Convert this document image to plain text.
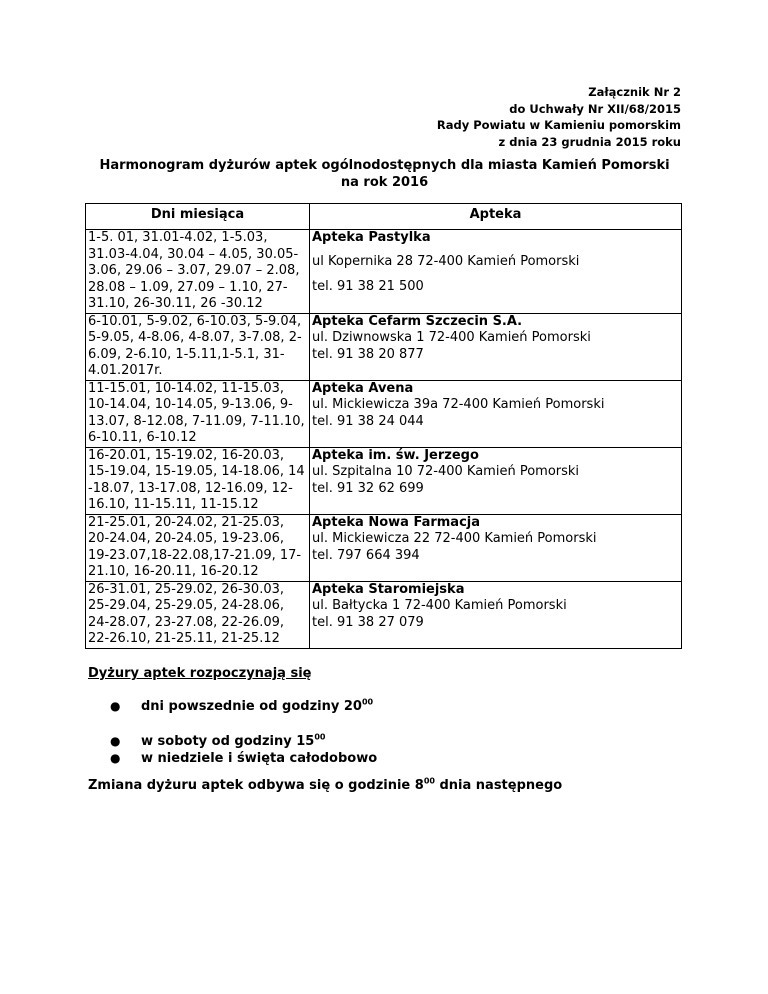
Załącznik Nr 2
do Uchwały Nr XII/68/2015
Rady Powiatu w Kamieniu pomorskim
z dnia 23 grudnia 2015 roku
Harmonogram dyżurów aptek ogólnodostępnych dla miasta Kamień Pomorski
na rok 2016
Dni miesiąca	Apteka

1-5. 01, 31.01-4.02, 1-5.03, 31.03-4.04, 30.04 – 4.05, 30.05-3.06, 29.06 – 3.07, 29.07 – 2.08, 28.08 – 1.09, 27.09 – 1.10, 27-31.10, 26-30.11, 26 -30.12	Apteka Pastylka
ul Kopernika 28 72-400 Kamień Pomorski
tel. 91 38 21 500

6-10.01, 5-9.02, 6-10.03, 5-9.04, 5-9.05, 4-8.06, 4-8.07, 3-7.08, 2-6.09, 2-6.10, 1-5.11,1-5.1, 31-4.01.2017r.	Apteka Cefarm Szczecin S.A.
ul. Dziwnowska 1 72-400 Kamień Pomorski
tel. 91 38 20 877

11-15.01, 10-14.02, 11-15.03, 10-14.04, 10-14.05, 9-13.06, 9-13.07, 8-12.08, 7-11.09, 7-11.10, 6-10.11, 6-10.12	Apteka Avena
ul. Mickiewicza 39a 72-400 Kamień Pomorski
tel. 91 38 24 044

16-20.01, 15-19.02, 16-20.03, 15-19.04, 15-19.05, 14-18.06, 14 -18.07, 13-17.08, 12-16.09, 12-16.10, 11-15.11, 11-15.12	Apteka im. św. Jerzego
ul. Szpitalna 10 72-400 Kamień Pomorski
tel. 91 32 62 699

21-25.01, 20-24.02, 21-25.03, 20-24.04, 20-24.05, 19-23.06, 19-23.07,18-22.08,17-21.09, 17-21.10, 16-20.11, 16-20.12	Apteka Nowa Farmacja
ul. Mickiewicza 22 72-400 Kamień Pomorski
tel. 797 664 394

26-31.01, 25-29.02, 26-30.03, 25-29.04, 25-29.05, 24-28.06, 24-28.07, 23-27.08, 22-26.09, 22-26.10, 21-25.11, 21-25.12	Apteka Staromiejska
ul. Bałtycka 1 72-400 Kamień Pomorski
tel. 91 38 27 079
Dyżury aptek rozpoczynają się
●	dni powszednie od godziny $20^{00}$
●	w soboty od godziny $15^{00}$
●	w niedziele i święta całodobowo
Zmiana dyżuru aptek odbywa się o godzinie $8^{00}$ dnia następnego
